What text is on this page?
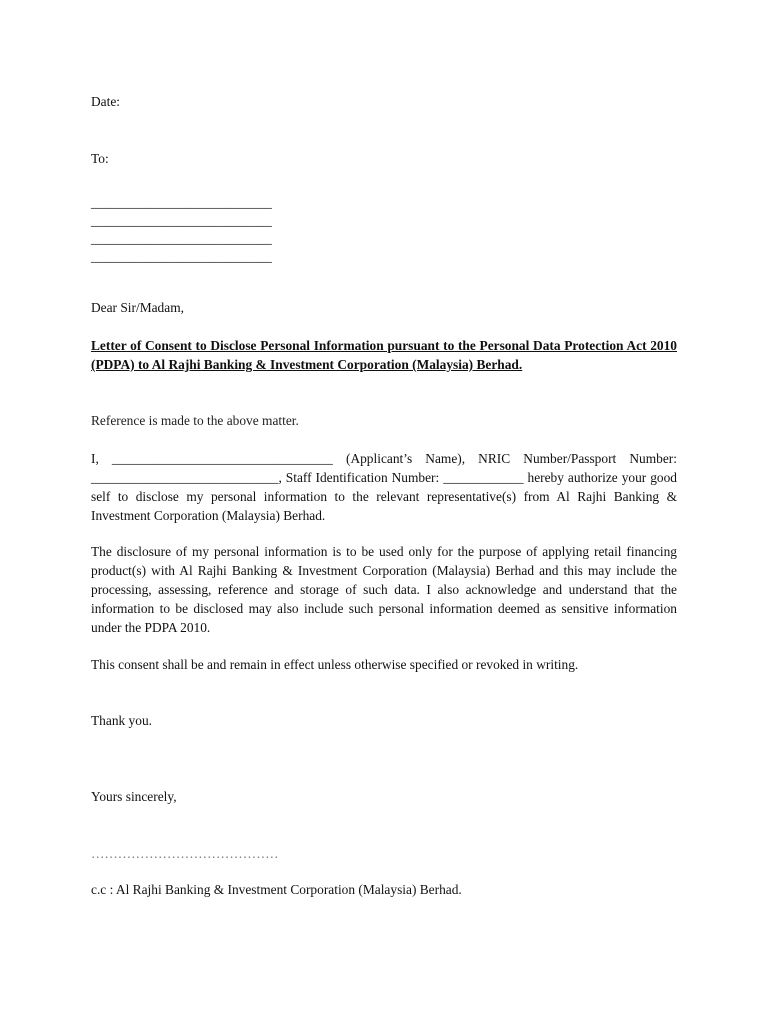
Date:
To:
___________________________
___________________________
___________________________
___________________________
Dear Sir/Madam,
Letter of Consent to Disclose Personal Information pursuant to the Personal Data Protection Act 2010 (PDPA) to Al Rajhi Banking & Investment Corporation (Malaysia) Berhad.
Reference is made to the above matter.
I, _________________________________ (Applicant’s Name), NRIC Number/Passport Number: ____________________________, Staff Identification Number: ____________ hereby authorize your good self to disclose my personal information to the relevant representative(s) from Al Rajhi Banking & Investment Corporation (Malaysia) Berhad.
The disclosure of my personal information is to be used only for the purpose of applying retail financing product(s) with Al Rajhi Banking & Investment Corporation (Malaysia) Berhad and this may include the processing, assessing, reference and storage of such data. I also acknowledge and understand that the information to be disclosed may also include such personal information deemed as sensitive information under the PDPA 2010.
This consent shall be and remain in effect unless otherwise specified or revoked in writing.
Thank you.
Yours sincerely,
……………………………………
c.c : Al Rajhi Banking & Investment Corporation (Malaysia) Berhad.
